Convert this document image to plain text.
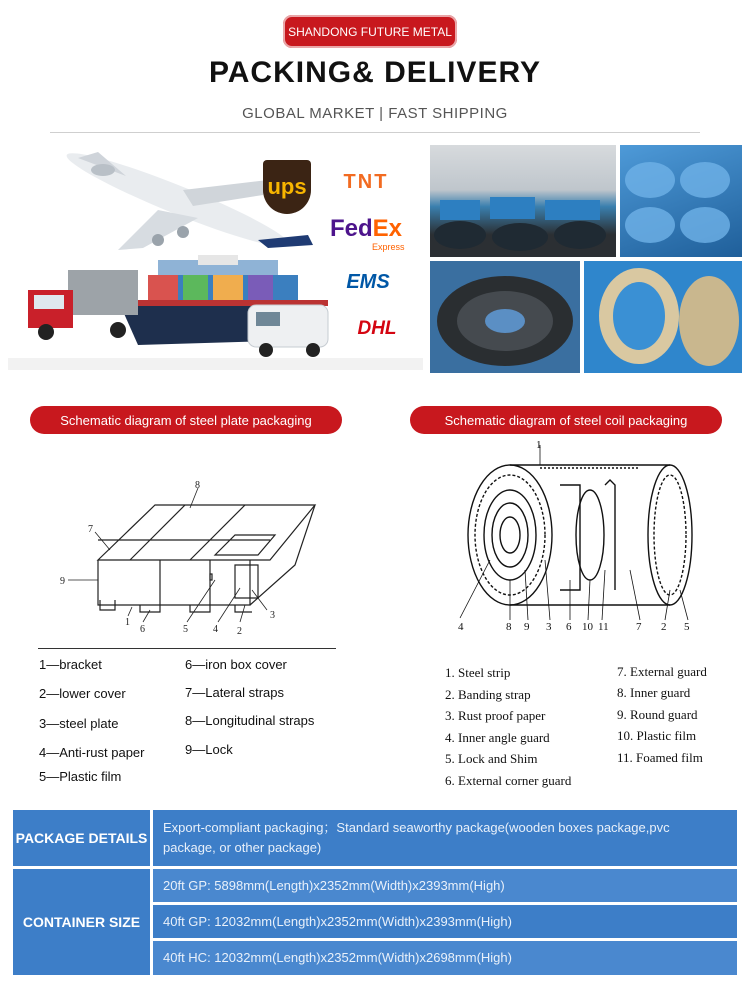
SHANDONG FUTURE METAL
PACKING& DELIVERY
GLOBAL MARKET | FAST SHIPPING
ups TNT
FedEx
Express
EMS
DHL
Schematic diagram of steel plate packaging	Schematic diagram of steel coil packaging
8
7
9
1
6	5	4 2
3
1
4	8 9 3 6 10 11 7 2 5
1—bracket
2—lower cover
3—steel plate
4—Anti-rust paper
5—Plastic film
6—iron box cover
7—Lateral straps
8—Longitudinal straps
9—Lock
1. Steel strip
2. Banding strap
3. Rust proof paper
4. Inner angle guard
5. Lock and Shim
6. External corner guard
7. External guard
8. Inner guard
9. Round guard
10. Plastic film
11. Foamed film
PACKAGE DETAILS
Export-compliant packaging；Standard seaworthy package(wooden boxes package,pvc
package, or other package)
CONTAINER SIZE
20ft GP: 5898mm(Length)x2352mm(Width)x2393mm(High)
40ft GP: 12032mm(Length)x2352mm(Width)x2393mm(High)
40ft HC: 12032mm(Length)x2352mm(Width)x2698mm(High)
